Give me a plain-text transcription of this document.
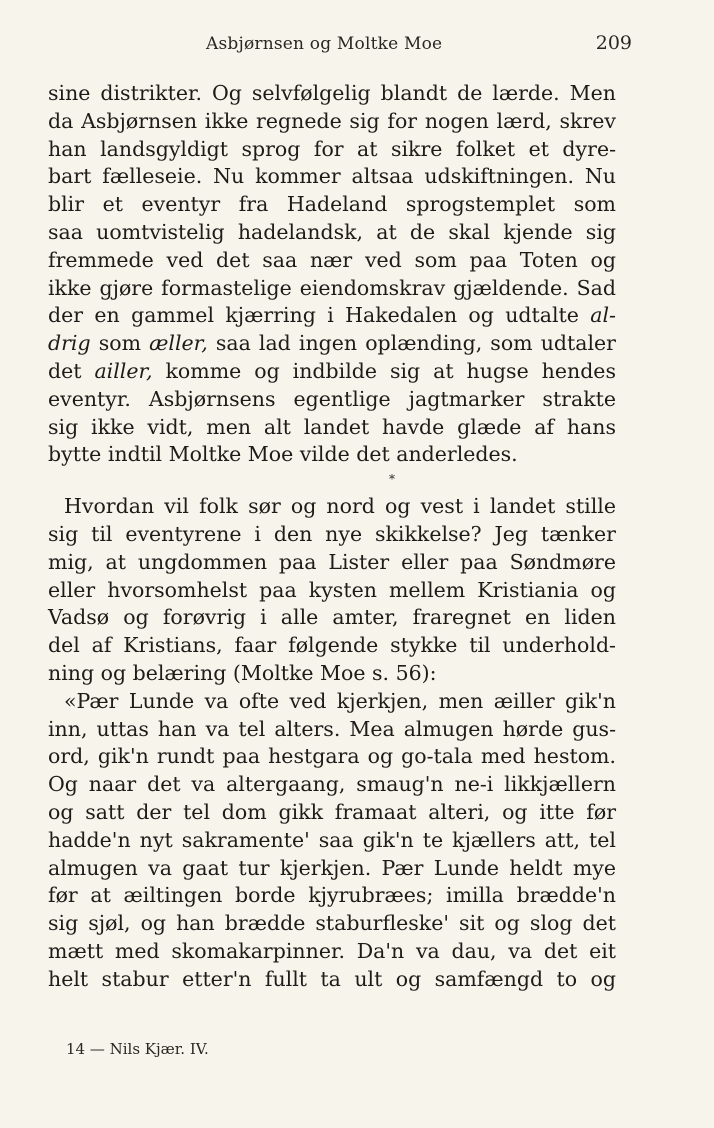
Asbjørnsen og Moltke Moe	209
sine distrikter. Og selvfølgelig blandt de lærde. Men
da Asbjørnsen ikke regnede sig for nogen lærd, skrev
han landsgyldigt sprog for at sikre folket et dyre-
bart fælleseie. Nu kommer altsaa udskiftningen. Nu
blir et eventyr fra Hadeland sprogstemplet som
saa uomtvistelig hadelandsk, at de skal kjende sig
fremmede ved det saa nær ved som paa Toten og
ikke gjøre formastelige eiendomskrav gjældende. Sad
der en gammel kjærring i Hakedalen og udtalte al-
drig som æller, saa lad ingen oplænding, som udtaler
det ailler, komme og indbilde sig at hugse hendes
eventyr. Asbjørnsens egentlige jagtmarker strakte
sig ikke vidt, men alt landet havde glæde af hans
bytte indtil Moltke Moe vilde det anderledes.
*
Hvordan vil folk sør og nord og vest i landet stille
sig til eventyrene i den nye skikkelse? Jeg tænker
mig, at ungdommen paa Lister eller paa Søndmøre
eller hvorsomhelst paa kysten mellem Kristiania og
Vadsø og forøvrig i alle amter, fraregnet en liden
del af Kristians, faar følgende stykke til underhold-
ning og belæring (Moltke Moe s. 56):
«Pær Lunde va ofte ved kjerkjen, men æiller gik'n
inn, uttas han va tel alters. Mea almugen hørde gus-
ord, gik'n rundt paa hestgara og go-tala med hestom.
Og naar det va altergaang, smaug'n ne-i likkjællern
og satt der tel dom gikk framaat alteri, og itte før
hadde'n nyt sakramente' saa gik'n te kjællers att, tel
almugen va gaat tur kjerkjen. Pær Lunde heldt mye
før at æiltingen borde kjyrubræes; imilla brædde'n
sig sjøl, og han brædde staburfleske' sit og slog det
mætt med skomakarpinner. Da'n va dau, va det eit
helt stabur etter'n fullt ta ult og samfængd to og
14 — Nils Kjær. IV.
